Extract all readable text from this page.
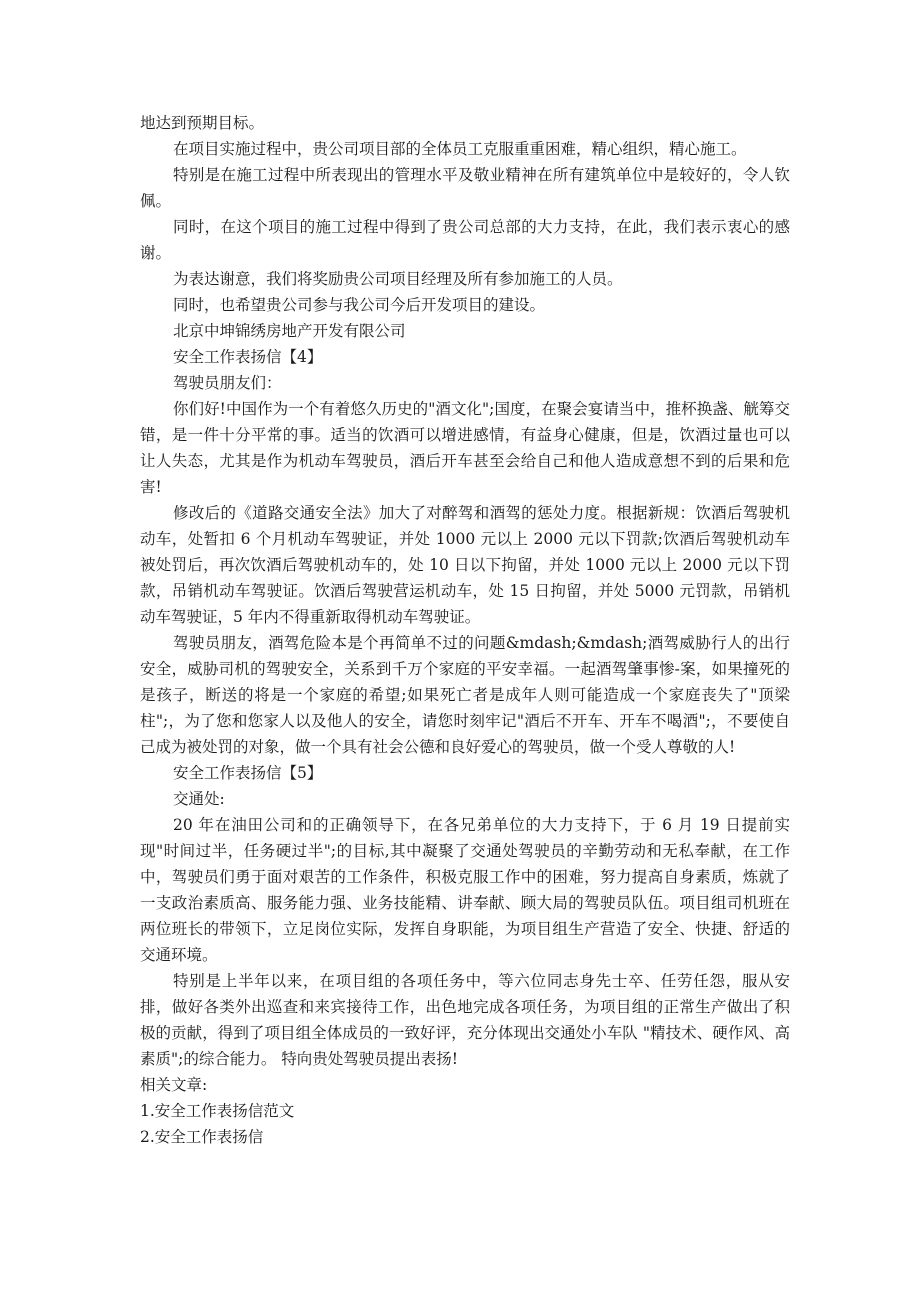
地达到预期目标。

在项目实施过程中，贵公司项目部的全体员工克服重重困难，精心组织，精心施工。

特别是在施工过程中所表现出的管理水平及敬业精神在所有建筑单位中是较好的，令人钦佩。

同时，在这个项目的施工过程中得到了贵公司总部的大力支持，在此，我们表示衷心的感谢。

为表达谢意，我们将奖励贵公司项目经理及所有参加施工的人员。

同时，也希望贵公司参与我公司今后开发项目的建设。

北京中坤锦绣房地产开发有限公司

安全工作表扬信【4】

驾驶员朋友们：

你们好!中国作为一个有着悠久历史的"酒文化";国度，在聚会宴请当中，推杯换盏、觥筹交错，是一件十分平常的事。适当的饮酒可以增进感情，有益身心健康，但是，饮酒过量也可以让人失态，尤其是作为机动车驾驶员，酒后开车甚至会给自己和他人造成意想不到的后果和危害!

修改后的《道路交通安全法》加大了对醉驾和酒驾的惩处力度。根据新规：饮酒后驾驶机动车，处暂扣 6 个月机动车驾驶证，并处 1000 元以上 2000 元以下罚款;饮酒后驾驶机动车被处罚后，再次饮酒后驾驶机动车的，处 10 日以下拘留，并处 1000 元以上 2000 元以下罚款，吊销机动车驾驶证。饮酒后驾驶营运机动车，处 15 日拘留，并处 5000 元罚款，吊销机动车驾驶证，5 年内不得重新取得机动车驾驶证。

驾驶员朋友，酒驾危险本是个再简单不过的问题&mdash;&mdash;酒驾威胁行人的出行安全，威胁司机的驾驶安全，关系到千万个家庭的平安幸福。一起酒驾肇事惨-案，如果撞死的是孩子，断送的将是一个家庭的希望;如果死亡者是成年人则可能造成一个家庭丧失了"顶梁柱";，为了您和您家人以及他人的安全，请您时刻牢记"酒后不开车、开车不喝酒";，不要使自己成为被处罚的对象，做一个具有社会公德和良好爱心的驾驶员，做一个受人尊敬的人!

安全工作表扬信【5】

交通处:

20 年在油田公司和的正确领导下，在各兄弟单位的大力支持下，于 6 月 19 日提前实现"时间过半，任务硬过半";的目标,其中凝聚了交通处驾驶员的辛勤劳动和无私奉献，在工作中，驾驶员们勇于面对艰苦的工作条件，积极克服工作中的困难，努力提高自身素质，炼就了一支政治素质高、服务能力强、业务技能精、讲奉献、顾大局的驾驶员队伍。项目组司机班在两位班长的带领下，立足岗位实际，发挥自身职能，为项目组生产营造了安全、快捷、舒适的交通环境。

特别是上半年以来，在项目组的各项任务中，等六位同志身先士卒、任劳任怨，服从安排，做好各类外出巡查和来宾接待工作，出色地完成各项任务，为项目组的正常生产做出了积极的贡献，得到了项目组全体成员的一致好评，充分体现出交通处小车队 "精技术、硬作风、高素质";的综合能力。 特向贵处驾驶员提出表扬!

相关文章:

1.安全工作表扬信范文

2.安全工作表扬信
